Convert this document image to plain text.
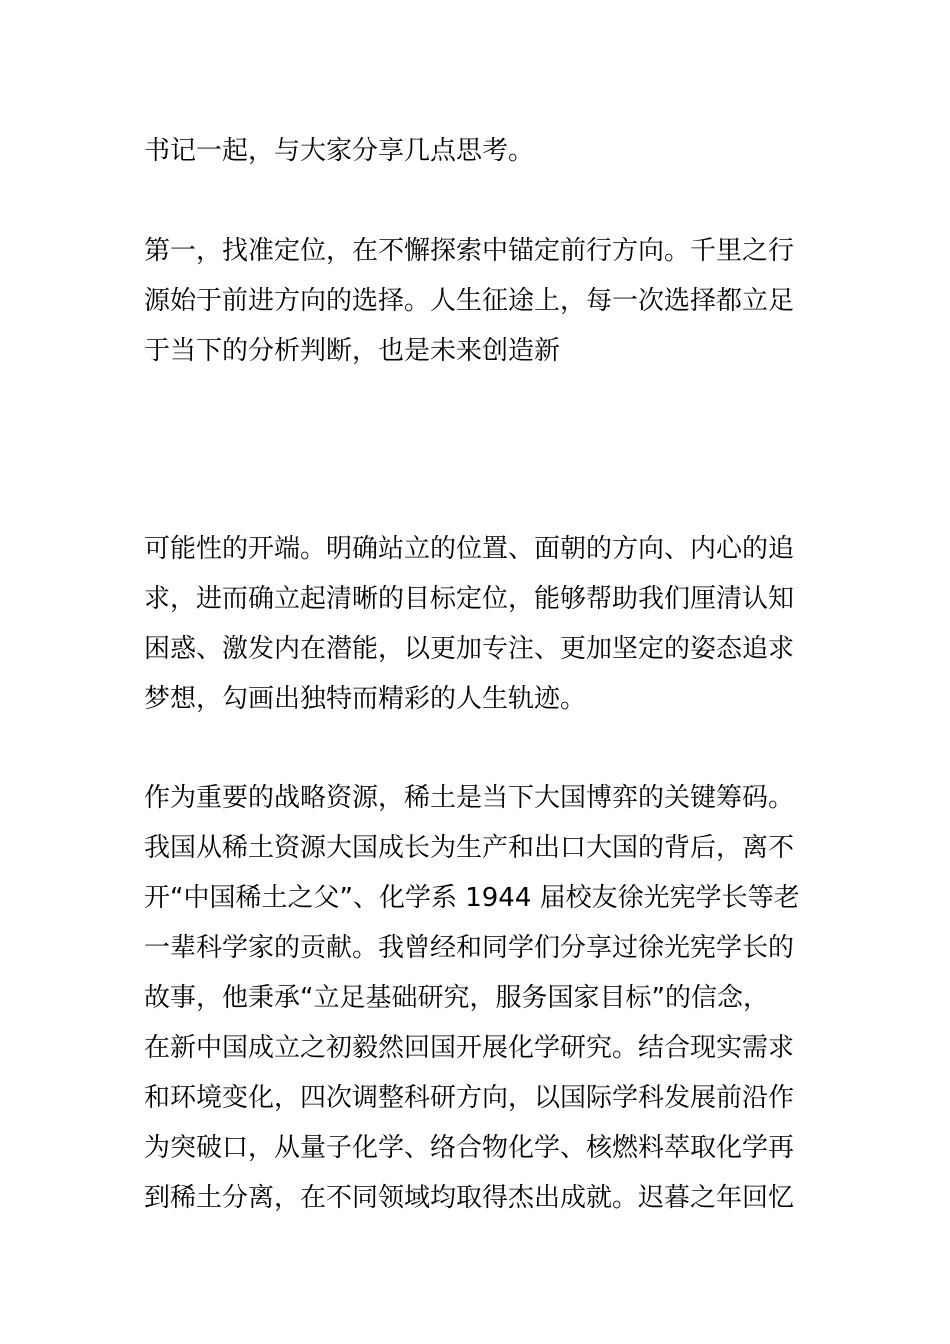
书记一起，与大家分享几点思考。
第一，找准定位，在不懈探索中锚定前行方向。千里之行
源始于前进方向的选择。人生征途上，每一次选择都立足
于当下的分析判断，也是未来创造新
可能性的开端。明确站立的位置、面朝的方向、内心的追
求，进而确立起清晰的目标定位，能够帮助我们厘清认知
困惑、激发内在潜能，以更加专注、更加坚定的姿态追求
梦想，勾画出独特而精彩的人生轨迹。
作为重要的战略资源，稀土是当下大国博弈的关键筹码。
我国从稀土资源大国成长为生产和出口大国的背后，离不
开“中国稀土之父”、化学系 1944 届校友徐光宪学长等老
一辈科学家的贡献。我曾经和同学们分享过徐光宪学长的
故事，他秉承“立足基础研究，服务国家目标”的信念，
在新中国成立之初毅然回国开展化学研究。结合现实需求
和环境变化，四次调整科研方向，以国际学科发展前沿作
为突破口，从量子化学、络合物化学、核燃料萃取化学再
到稀土分离，在不同领域均取得杰出成就。迟暮之年回忆
